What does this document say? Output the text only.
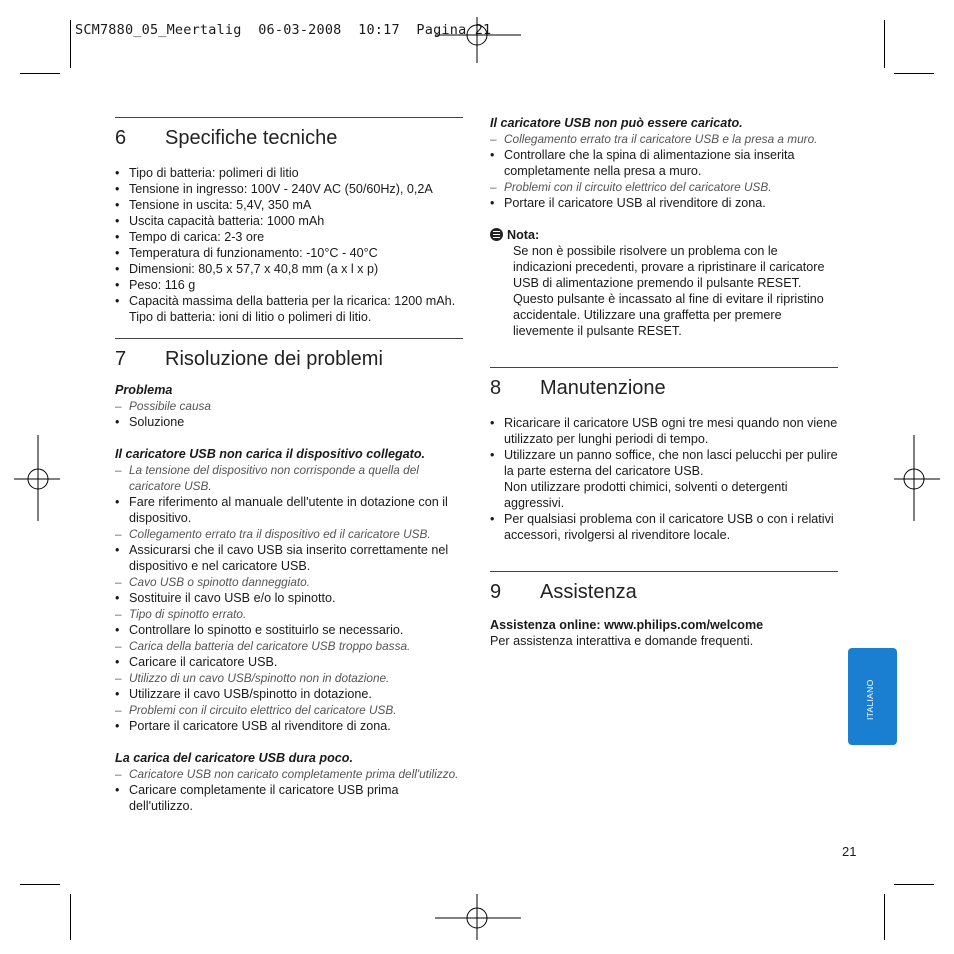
SCM7880_05_Meertalig  06-03-2008  10:17  Pagina 21
6	Specifiche tecniche
• Tipo di batteria: polimeri di litio
• Tensione in ingresso: 100V - 240V AC (50/60Hz), 0,2A
• Tensione in uscita: 5,4V, 350 mA
• Uscita capacità batteria: 1000 mAh
• Tempo di carica: 2-3 ore
• Temperatura di funzionamento: -10°C - 40°C
• Dimensioni: 80,5 x 57,7 x 40,8 mm (a x l x p)
• Peso: 116 g
• Capacità massima della batteria per la ricarica: 1200 mAh. Tipo di batteria: ioni di litio o polimeri di litio.
7	Risoluzione dei problemi
Problema
– Possibile causa
• Soluzione
Il caricatore USB non carica il dispositivo collegato.
– La tensione del dispositivo non corrisponde a quella del caricatore USB.
• Fare riferimento al manuale dell'utente in dotazione con il dispositivo.
– Collegamento errato tra il dispositivo ed il caricatore USB.
• Assicurarsi che il cavo USB sia inserito correttamente nel dispositivo e nel caricatore USB.
– Cavo USB o spinotto danneggiato.
• Sostituire il cavo USB e/o lo spinotto.
– Tipo di spinotto errato.
• Controllare lo spinotto e sostituirlo se necessario.
– Carica della batteria del caricatore USB troppo bassa.
• Caricare il caricatore USB.
– Utilizzo di un cavo USB/spinotto non in dotazione.
• Utilizzare il cavo USB/spinotto in dotazione.
– Problemi con il circuito elettrico del caricatore USB.
• Portare il caricatore USB al rivenditore di zona.
La carica del caricatore USB dura poco.
– Caricatore USB non caricato completamente prima dell'utilizzo.
• Caricare completamente il caricatore USB prima dell'utilizzo.
Il caricatore USB non può essere caricato.
– Collegamento errato tra il caricatore USB e la presa a muro.
• Controllare che la spina di alimentazione sia inserita completamente nella presa a muro.
– Problemi con il circuito elettrico del caricatore USB.
• Portare il caricatore USB al rivenditore di zona.
Nota:
Se non è possibile risolvere un problema con le indicazioni precedenti, provare a ripristinare il caricatore USB di alimentazione premendo il pulsante RESET. Questo pulsante è incassato al fine di evitare il ripristino accidentale. Utilizzare una graffetta per premere lievemente il pulsante RESET.
8	Manutenzione
• Ricaricare il caricatore USB ogni tre mesi quando non viene utilizzato per lunghi periodi di tempo.
• Utilizzare un panno soffice, che non lasci pelucchi per pulire la parte esterna del caricatore USB.
Non utilizzare prodotti chimici, solventi o detergenti aggressivi.
• Per qualsiasi problema con il caricatore USB o con i relativi accessori, rivolgersi al rivenditore locale.
9	Assistenza
Assistenza online: www.philips.com/welcome
Per assistenza interattiva e domande frequenti.
ITALIANO
21
